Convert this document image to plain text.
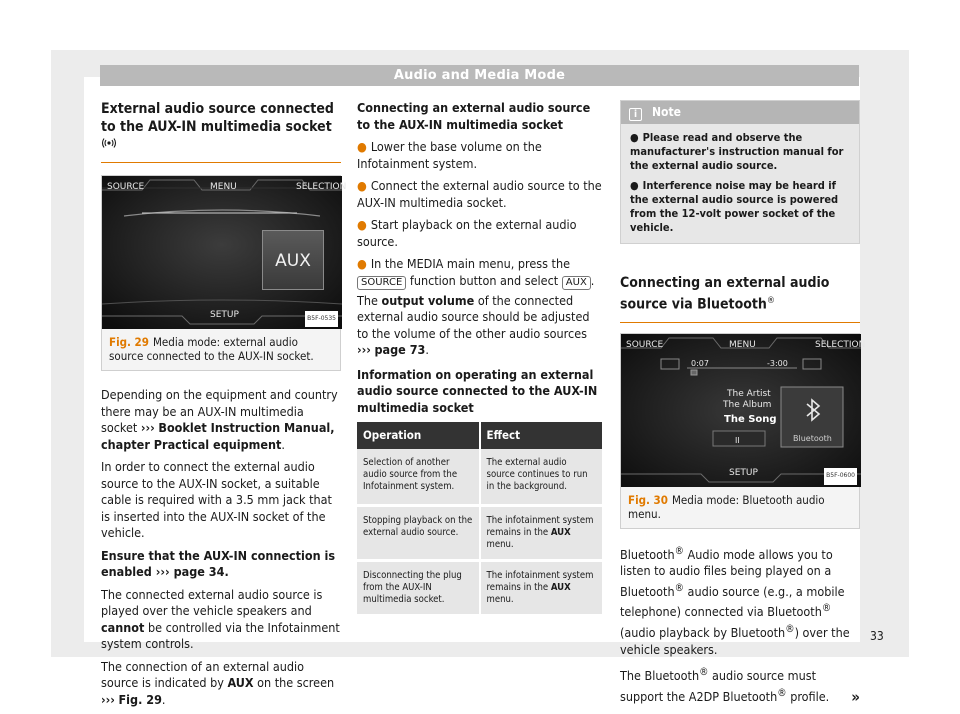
Audio and Media Mode
External audio source connected to the AUX-IN multimedia socket
SOURCE	MENU	SELECTION
AUX
SETUP	B5F-0535
Fig. 29 Media mode: external audio source connected to the AUX-IN socket.

Depending on the equipment and country there may be an AUX-IN multimedia socket ››› Booklet Instruction Manual, chapter Practical equipment.

In order to connect the external audio source to the AUX-IN socket, a suitable cable is required with a 3.5 mm jack that is inserted into the AUX-IN socket of the vehicle.

Ensure that the AUX-IN connection is enabled ››› page 34.

The connected external audio source is played over the vehicle speakers and cannot be controlled via the Infotainment system controls.

The connection of an external audio source is indicated by AUX on the screen ››› Fig. 29.

Connecting an external audio source to the AUX-IN multimedia socket

● Lower the base volume on the Infotainment system.

● Connect the external audio source to the AUX-IN multimedia socket.

● Start playback on the external audio source.

● In the MEDIA main menu, press the SOURCE function button and select AUX .

The output volume of the connected external audio source should be adjusted to the volume of the other audio sources ››› page 73.

Information on operating an external audio source connected to the AUX-IN multimedia socket

Operation	Effect
Selection of another audio source from the Infotainment system.	The external audio source continues to run in the background.
Stopping playback on the external audio source.	The infotainment system remains in the AUX menu.
Disconnecting the plug from the AUX-IN multimedia socket.	The infotainment system remains in the AUX menu.
i Note

● Please read and observe the manufacturer's instruction manual for the external audio source.

● Interference noise may be heard if the external audio source is powered from the 12-volt power socket of the vehicle.

Connecting an external audio source via Bluetooth®
SOURCE	MENU	SELECTION
0:07	-3:00
The Artist
The Album
The Song
II	Bluetooth
SETUP	B5F-0600
Fig. 30 Media mode: Bluetooth audio menu.

Bluetooth® Audio mode allows you to listen to audio files being played on a Bluetooth® audio source (e.g., a mobile telephone) connected via Bluetooth® (audio playback by Bluetooth®) over the vehicle speakers.

The Bluetooth® audio source must support the A2DP Bluetooth® profile. »

33
